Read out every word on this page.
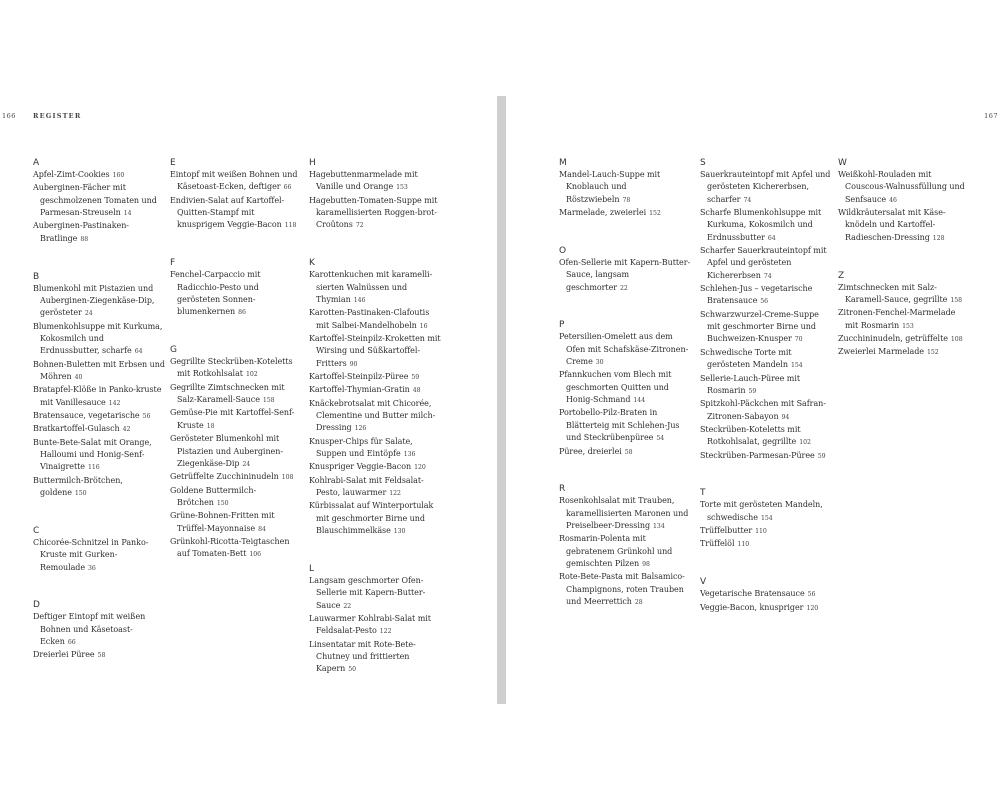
166	REGISTER
A
Apfel-Zimt-Cookies 160
Auberginen-Fächer mit geschmolzenen Tomaten und Parmesan-Streuseln 14
Auberginen-Pastinaken-Bratlinge 88
B
Blumenkohl mit Pistazien und Auberginen-Ziegenkäse-Dip, gerösteter 24
Blumenkohlsuppe mit Kurkuma, Kokosmilch und Erdnussbutter, scharfe 64
Bohnen-Buletten mit Erbsen und Möhren 40
Bratapfel-Klöße in Panko-kruste mit Vanillesauce 142
Bratensauce, vegetarische 56
Bratkartoffel-Gulasch 42
Bunte-Bete-Salat mit Orange, Halloumi und Honig-Senf-Vinaigrette 116
Buttermilch-Brötchen, goldene 150
C
Chicorée-Schnitzel in Panko-Kruste mit Gurken-Remoulade 36
D
Deftiger Eintopf mit weißen Bohnen und Käsetoast-Ecken 66
Dreierlei Püree 58
E
Eintopf mit weißen Bohnen und Käsetoast-Ecken, deftiger 66
Endivien-Salat auf Kartoffel-Quitten-Stampf mit knusprigem Veggie-Bacon 118
F
Fenchel-Carpaccio mit Radicchio-Pesto und gerösteten Sonnen-blumenkernen 86
G
Gegrillte Steckrüben-Koteletts mit Rotkohlsalat 102
Gegrillte Zimtschnecken mit Salz-Karamell-Sauce 158
Gemüse-Pie mit Kartoffel-Senf-Kruste 18
Gerösteter Blumenkohl mit Pistazien und Auberginen-Ziegenkäse-Dip 24
Getrüffelte Zucchininudeln 108
Goldene Buttermilch-Brötchen 150
Grüne-Bohnen-Fritten mit Trüffel-Mayonnaise 84
Grünkohl-Ricotta-Teigtaschen auf Tomaten-Bett 106
H
Hagebuttenmarmelade mit Vanille und Orange 153
Hagebutten-Tomaten-Suppe mit karamellisierten Roggen-brot-Croûtons 72
K
Karottenkuchen mit karamelli-sierten Walnüssen und Thymian 146
Karotten-Pastinaken-Clafoutis mit Salbei-Mandelhobeln 16
Kartoffel-Steinpilz-Kroketten mit Wirsing und Süßkartoffel-Fritters 90
Kartoffel-Steinpilz-Püree 59
Kartoffel-Thymian-Gratin 48
Knäckebrotsalat mit Chicorée, Clementine und Butter milch-Dressing 126
Knusper-Chips für Salate, Suppen und Eintöpfe 136
Knuspriger Veggie-Bacon 120
Kohlrabi-Salat mit Feldsalat-Pesto, lauwarmer 122
Kürbissalat auf Winterportulak mit geschmorter Birne und Blauschimmelkäse 130
L
Langsam geschmorter Ofen-Sellerie mit Kapern-Butter-Sauce 22
Lauwarmer Kohlrabi-Salat mit Feldsalat-Pesto 122
Linsentatar mit Rote-Bete-Chutney und frittierten Kapern 50
167
M
Mandel-Lauch-Suppe mit Knoblauch und Röstzwiebeln 78
Marmelade, zweierlei 152
O
Ofen-Sellerie mit Kapern-Butter-Sauce, langsam geschmorter 22
P
Petersilien-Omelett aus dem Ofen mit Schafskäse-Zitronen-Creme 30
Pfannkuchen vom Blech mit geschmorten Quitten und Honig-Schmand 144
Portobello-Pilz-Braten in Blätterteig mit Schlehen-Jus und Steckrübenpüree 54
Püree, dreierlei 58
R
Rosenkohlsalat mit Trauben, karamellisierten Maronen und Preiselbeer-Dressing 134
Rosmarin-Polenta mit gebratenem Grünkohl und gemischten Pilzen 98
Rote-Bete-Pasta mit Balsamico-Champignons, roten Trauben und Meerrettich 28
S
Sauerkrauteintopf mit Apfel und gerösteten Kichererbsen, scharfer 74
Scharfe Blumenkohlsuppe mit Kurkuma, Kokosmilch und Erdnussbutter 64
Scharfer Sauerkrauteintopf mit Apfel und gerösteten Kichererbsen 74
Schlehen-Jus – vegetarische Bratensauce 56
Schwarzwurzel-Creme-Suppe mit geschmorter Birne und Buchweizen-Knusper 70
Schwedische Torte mit gerösteten Mandeln 154
Sellerie-Lauch-Püree mit Rosmarin 59
Spitzkohl-Päckchen mit Safran-Zitronen-Sabayon 94
Steckrüben-Koteletts mit Rotkohlsalat, gegrillte 102
Steckrüben-Parmesan-Püree 59
T
Torte mit gerösteten Mandeln, schwedische 154
Trüffelbutter 110
Trüffelöl 110
V
Vegetarische Bratensauce 56
Veggie-Bacon, knuspriger 120
W
Weißkohl-Rouladen mit Couscous-Walnussfüllung und Senfsauce 46
Wildkräutersalat mit Käse-knödeln und Kartoffel-Radieschen-Dressing 128
Z
Zimtschnecken mit Salz-Karamell-Sauce, gegrillte 158
Zitronen-Fenchel-Marmelade mit Rosmarin 153
Zucchininudeln, getrüffelte 108
Zweierlei Marmelade 152
